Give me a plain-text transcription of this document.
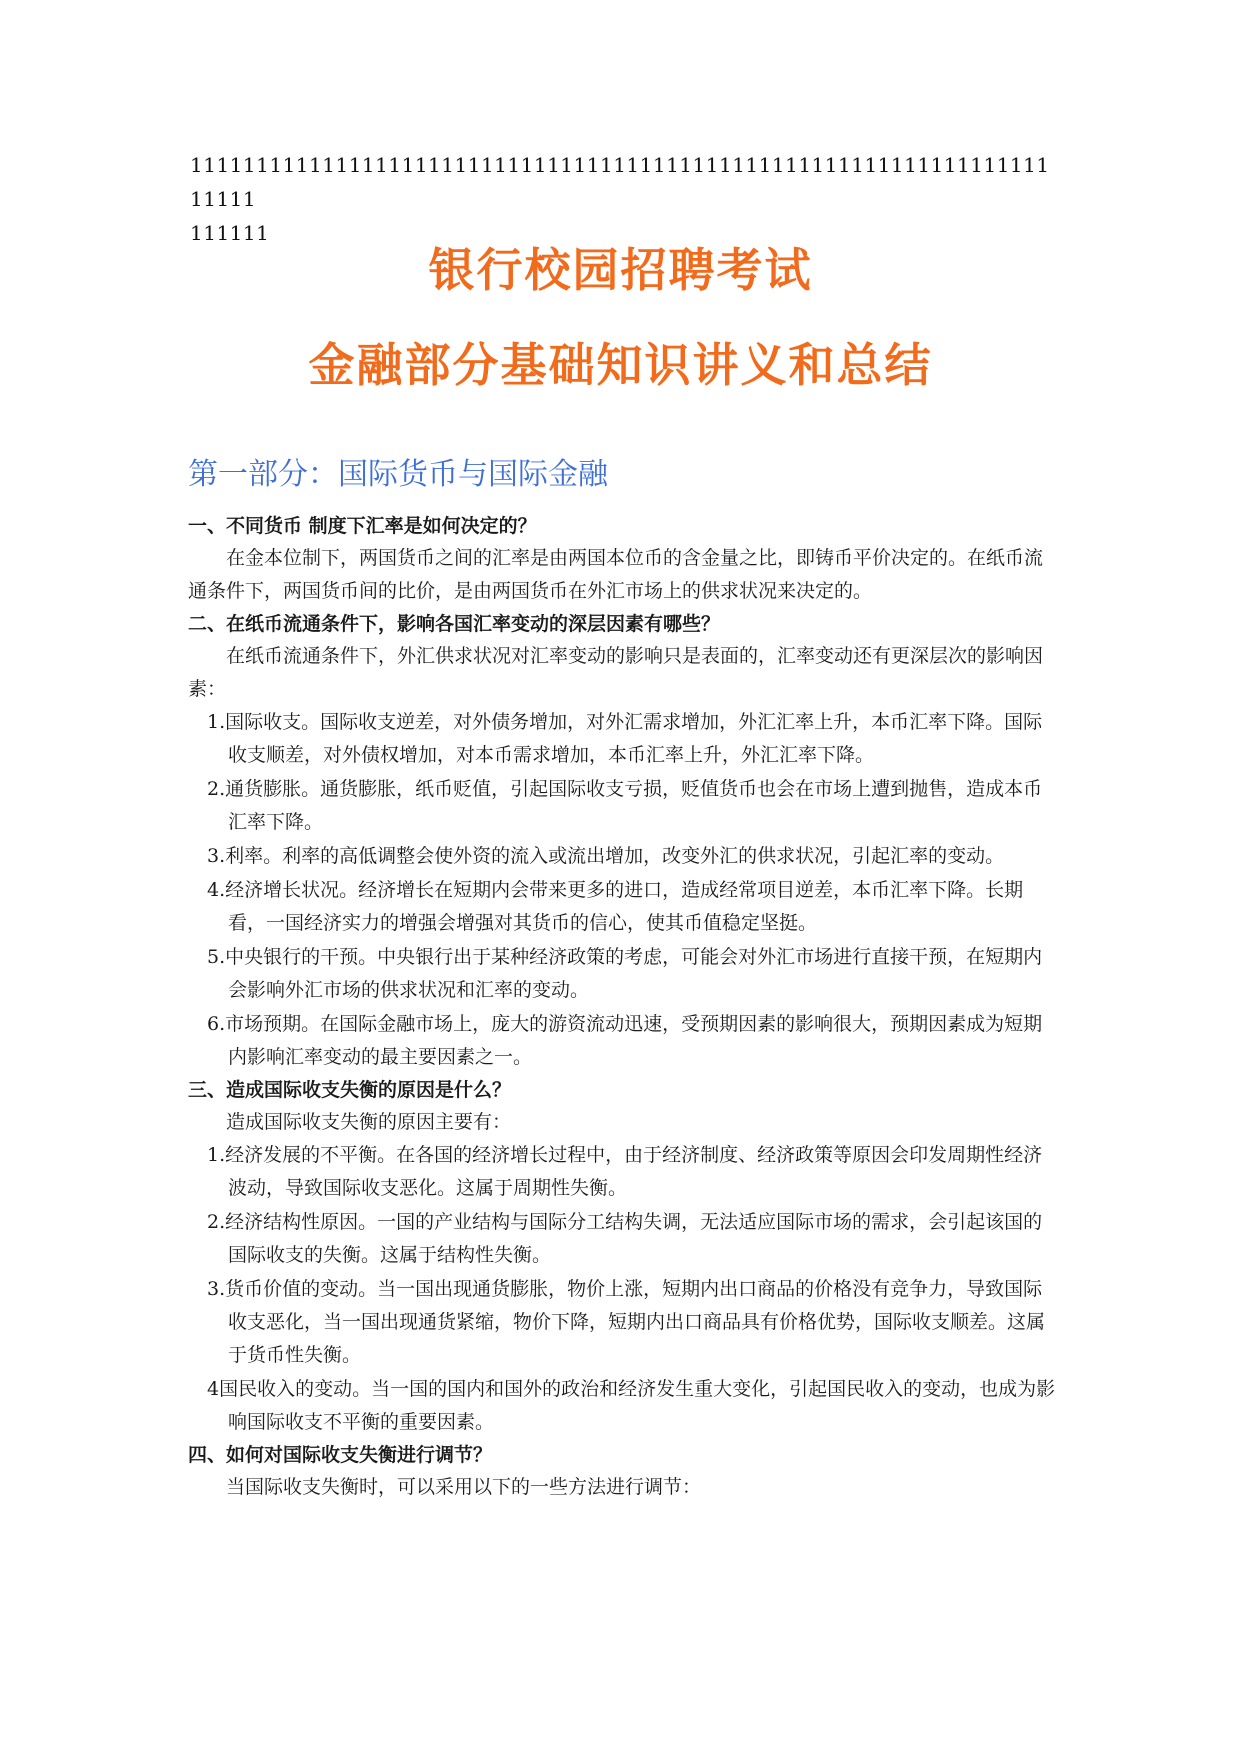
1111111111111111111111111111111111111111111111111111111111111111111111
111111
银行校园招聘考试
金融部分基础知识讲义和总结
第一部分：国际货币与国际金融

一、不同货币 制度下汇率是如何决定的？

在金本位制下，两国货币之间的汇率是由两国本位币的含金量之比，即铸币平价决定的。在纸币流通条件下，两国货币间的比价，是由两国货币在外汇市场上的供求状况来决定的。

二、在纸币流通条件下，影响各国汇率变动的深层因素有哪些？

在纸币流通条件下，外汇供求状况对汇率变动的影响只是表面的，汇率变动还有更深层次的影响因素：

1.国际收支。国际收支逆差，对外债务增加，对外汇需求增加，外汇汇率上升，本币汇率下降。国际收支顺差，对外债权增加，对本币需求增加，本币汇率上升，外汇汇率下降。

2.通货膨胀。通货膨胀，纸币贬值，引起国际收支亏损，贬值货币也会在市场上遭到抛售，造成本币汇率下降。

3.利率。利率的高低调整会使外资的流入或流出增加，改变外汇的供求状况，引起汇率的变动。

4.经济增长状况。经济增长在短期内会带来更多的进口，造成经常项目逆差，本币汇率下降。长期看，一国经济实力的增强会增强对其货币的信心，使其币值稳定坚挺。

5.中央银行的干预。中央银行出于某种经济政策的考虑，可能会对外汇市场进行直接干预，在短期内会影响外汇市场的供求状况和汇率的变动。

6.市场预期。在国际金融市场上，庞大的游资流动迅速，受预期因素的影响很大，预期因素成为短期内影响汇率变动的最主要因素之一。

三、造成国际收支失衡的原因是什么？

造成国际收支失衡的原因主要有：

1.经济发展的不平衡。在各国的经济增长过程中，由于经济制度、经济政策等原因会印发周期性经济波动，导致国际收支恶化。这属于周期性失衡。

2.经济结构性原因。一国的产业结构与国际分工结构失调，无法适应国际市场的需求，会引起该国的国际收支的失衡。这属于结构性失衡。

3.货币价值的变动。当一国出现通货膨胀，物价上涨，短期内出口商品的价格没有竞争力，导致国际收支恶化，当一国出现通货紧缩，物价下降，短期内出口商品具有价格优势，国际收支顺差。这属于货币性失衡。

4国民收入的变动。当一国的国内和国外的政治和经济发生重大变化，引起国民收入的变动，也成为影响国际收支不平衡的重要因素。

四、如何对国际收支失衡进行调节？

当国际收支失衡时，可以采用以下的一些方法进行调节：
